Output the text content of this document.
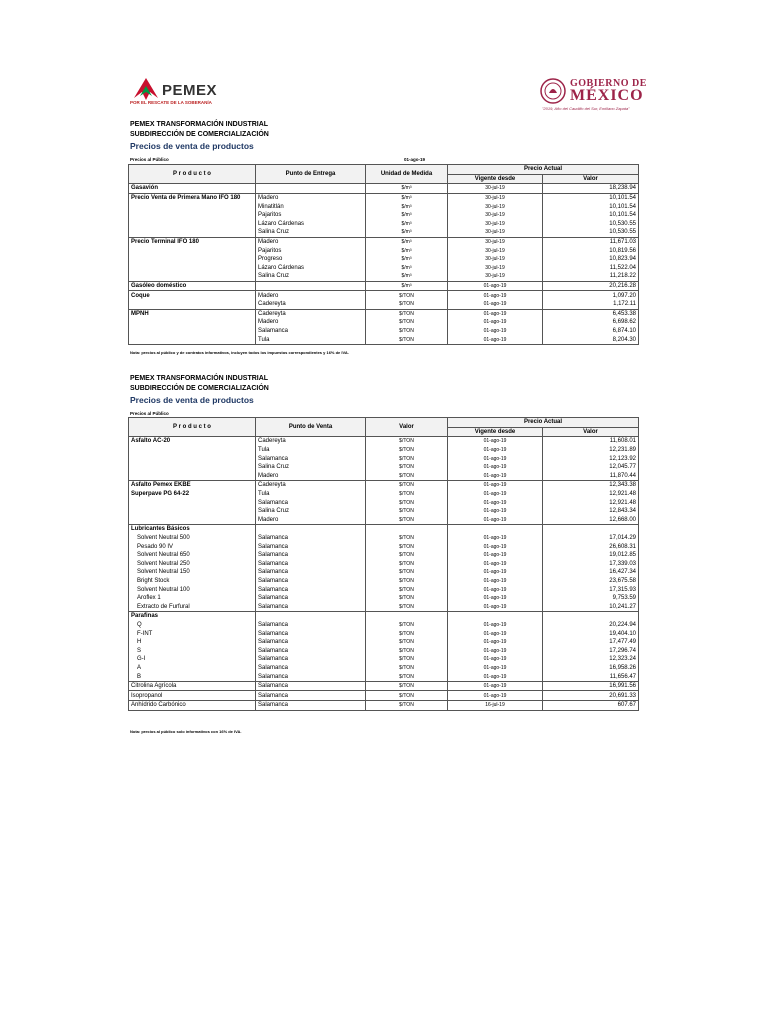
PEMEX
POR EL RESCATE DE LA SOBERANÍA
GOBIERNO DE
MÉXICO
"2019, Año del Caudillo del Sur, Emiliano Zapata"
PEMEX TRANSFORMACIÓN INDUSTRIAL
SUBDIRECCIÓN DE COMERCIALIZACIÓN
Precios de venta de productos
Precios al Público	01-ago-19
P r o d u c t o	Punto de Entrega	Unidad de Medida	Precio Actual	
			Vigente desde	Valor
Gasavión		$/m³	30-jul-19	18,238.94
Precio Venta de Primera Mano IFO 180	Madero	$/m³	30-jul-19	10,101.54
	Minatitlán	$/m³	30-jul-19	10,101.54
	Pajaritos	$/m³	30-jul-19	10,101.54
	Lázaro Cárdenas	$/m³	30-jul-19	10,530.55
	Salina Cruz	$/m³	30-jul-19	10,530.55
Precio Terminal IFO 180	Madero	$/m³	30-jul-19	11,671.03
	Pajaritos	$/m³	30-jul-19	10,819.56
	Progreso	$/m³	30-jul-19	10,823.94
	Lázaro Cárdenas	$/m³	30-jul-19	11,522.04
	Salina Cruz	$/m³	30-jul-19	11,218.22
Gasóleo doméstico		$/m³	01-ago-19	20,216.28
Coque	Madero	$/TON	01-ago-19	1,097.20
	Cadereyta	$/TON	01-ago-19	1,172.11
MPNH	Cadereyta	$/TON	01-ago-19	6,453.38
	Madero	$/TON	01-ago-19	6,698.62
	Salamanca	$/TON	01-ago-19	6,874.10
	Tula	$/TON	01-ago-19	8,204.30
Nota: precios al público y de contratos informativos, incluyen todos los impuestos correspondientes y 16% de IVA.
PEMEX TRANSFORMACIÓN INDUSTRIAL
SUBDIRECCIÓN DE COMERCIALIZACIÓN
Precios de venta de productos
Precios al Público
P r o d u c t o	Punto de Venta	Valor	Precio Actual	
			Vigente desde	Valor
Asfalto AC-20	Cadereyta	$/TON	01-ago-19	11,608.01
	Tula	$/TON	01-ago-19	12,231.89
	Salamanca	$/TON	01-ago-19	12,123.92
	Salina Cruz	$/TON	01-ago-19	12,045.77
	Madero	$/TON	01-ago-19	11,870.44
Asfalto Pemex EKBE	Cadereyta	$/TON	01-ago-19	12,343.38
Superpave PG 64-22	Tula	$/TON	01-ago-19	12,921.48
	Salamanca	$/TON	01-ago-19	12,921.48
	Salina Cruz	$/TON	01-ago-19	12,843.34
	Madero	$/TON	01-ago-19	12,668.00
Lubricantes Básicos				
Solvent Neutral 500	Salamanca	$/TON	01-ago-19	17,014.29
Pesado 90 IV	Salamanca	$/TON	01-ago-19	26,608.31
Solvent Neutral 650	Salamanca	$/TON	01-ago-19	19,012.85
Solvent Neutral 250	Salamanca	$/TON	01-ago-19	17,339.03
Solvent Neutral 150	Salamanca	$/TON	01-ago-19	16,427.34
Bright Stock	Salamanca	$/TON	01-ago-19	23,675.58
Solvent Neutral 100	Salamanca	$/TON	01-ago-19	17,315.93
Aroflex 1	Salamanca	$/TON	01-ago-19	9,753.59
Extracto de Furfural	Salamanca	$/TON	01-ago-19	10,241.27
Parafinas				
Q	Salamanca	$/TON	01-ago-19	20,224.94
F-INT	Salamanca	$/TON	01-ago-19	19,404.10
H	Salamanca	$/TON	01-ago-19	17,477.49
S	Salamanca	$/TON	01-ago-19	17,296.74
G-I	Salamanca	$/TON	01-ago-19	12,323.24
A	Salamanca	$/TON	01-ago-19	16,958.26
B	Salamanca	$/TON	01-ago-19	11,656.47
Citrolina Agrícola	Salamanca	$/TON	01-ago-19	16,991.56
Isopropanol	Salamanca	$/TON	01-ago-19	20,691.33
Anhídrido Carbónico	Salamanca	$/TON	16-jul-19	607.67
Nota: precios al público solo informativos con 16% de IVA.
